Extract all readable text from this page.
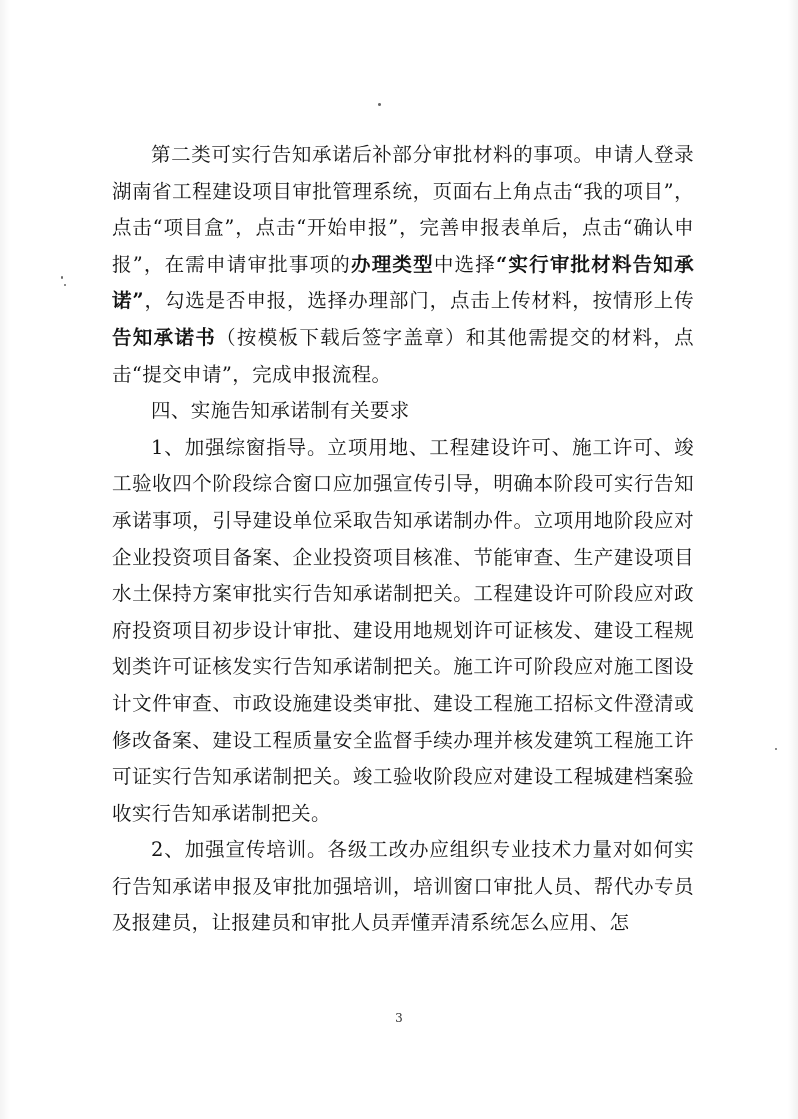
第二类可实行告知承诺后补部分审批材料的事项。申请人登录湖南省工程建设项目审批管理系统，页面右上角点击“我的项目”，点击“项目盒”，点击“开始申报”，完善申报表单后，点击“确认申报”，在需申请审批事项的办理类型中选择“实行审批材料告知承诺”，勾选是否申报，选择办理部门，点击上传材料，按情形上传告知承诺书（按模板下载后签字盖章）和其他需提交的材料，点击“提交申请”，完成申报流程。

四、实施告知承诺制有关要求

1、加强综窗指导。立项用地、工程建设许可、施工许可、竣工验收四个阶段综合窗口应加强宣传引导，明确本阶段可实行告知承诺事项，引导建设单位采取告知承诺制办件。立项用地阶段应对企业投资项目备案、企业投资项目核准、节能审查、生产建设项目水土保持方案审批实行告知承诺制把关。工程建设许可阶段应对政府投资项目初步设计审批、建设用地规划许可证核发、建设工程规划类许可证核发实行告知承诺制把关。施工许可阶段应对施工图设计文件审查、市政设施建设类审批、建设工程施工招标文件澄清或修改备案、建设工程质量安全监督手续办理并核发建筑工程施工许可证实行告知承诺制把关。竣工验收阶段应对建设工程城建档案验收实行告知承诺制把关。

2、加强宣传培训。各级工改办应组织专业技术力量对如何实行告知承诺申报及审批加强培训，培训窗口审批人员、帮代办专员及报建员，让报建员和审批人员弄懂弄清系统怎么应用、怎

3
